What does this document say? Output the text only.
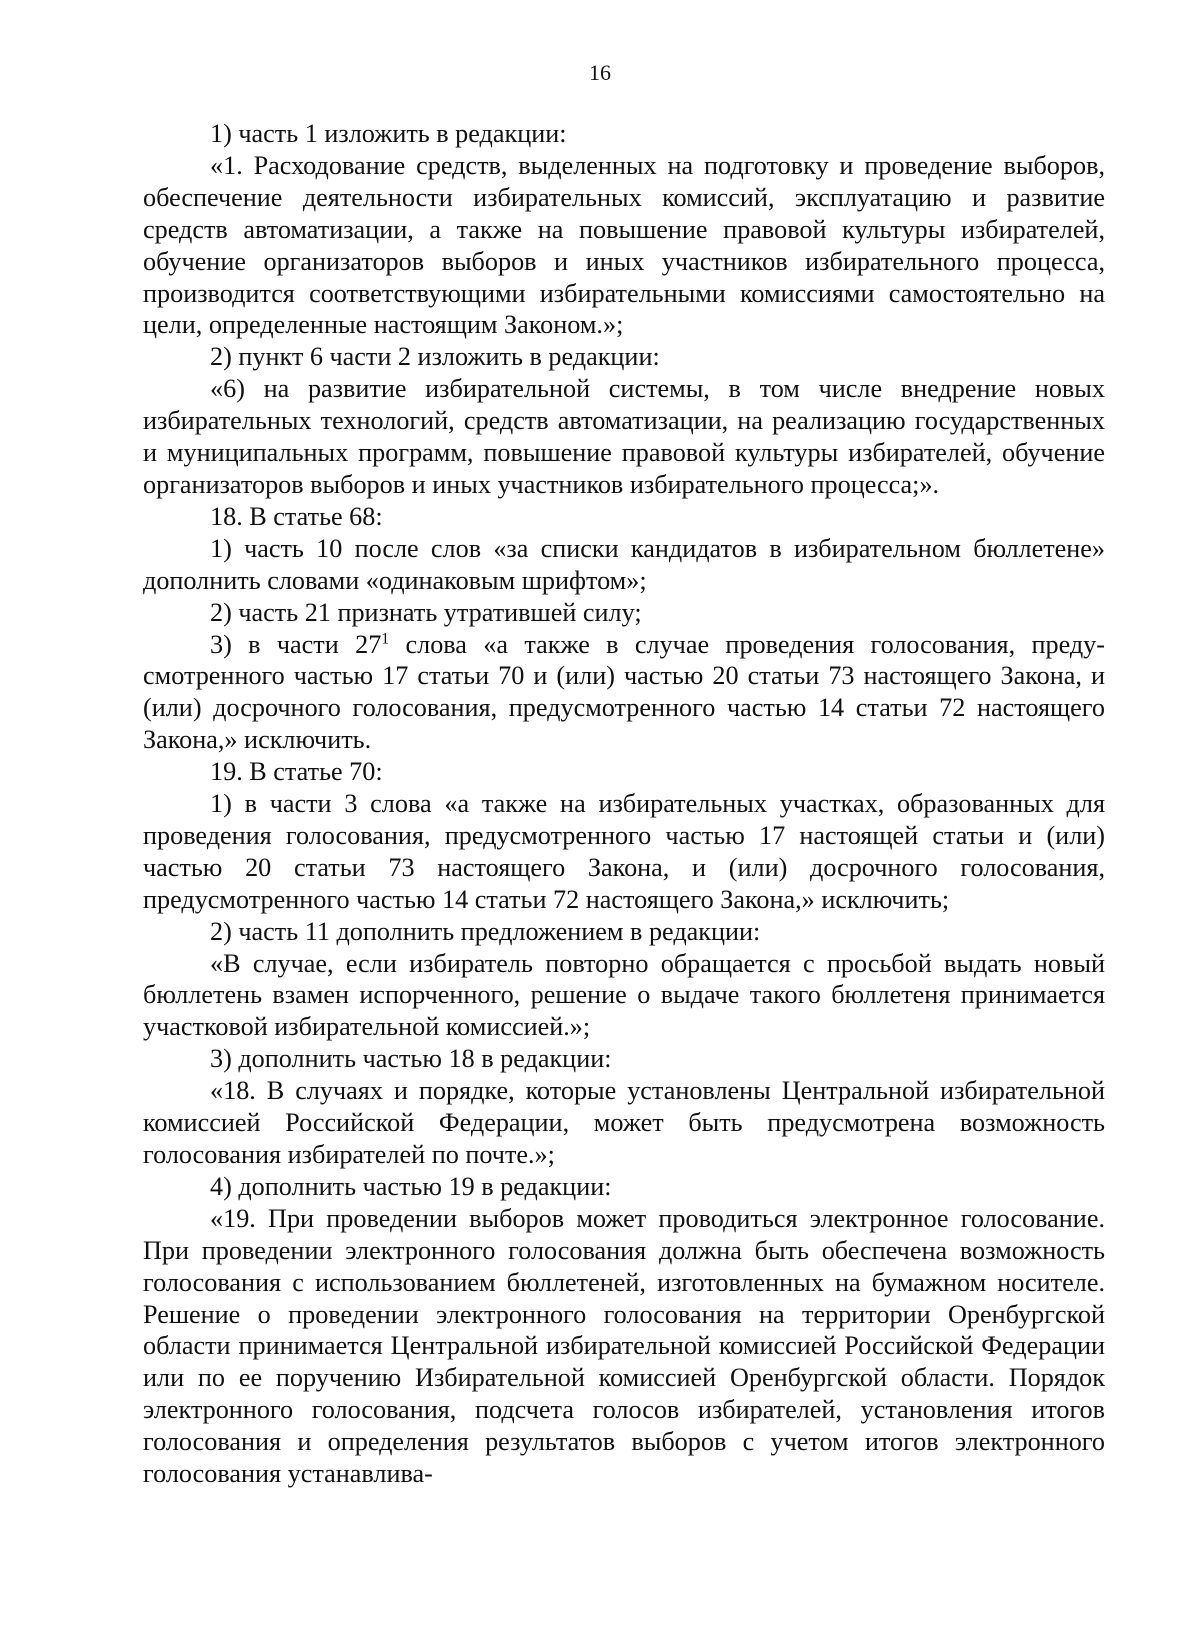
16

1) часть 1 изложить в редакции:

«1. Расходование средств, выделенных на подготовку и проведение выборов, обеспечение деятельности избирательных комиссий, эксплуатацию и развитие средств автоматизации, а также на повышение правовой культуры избирателей, обучение организаторов выборов и иных участников избирательного процесса, производится соответствующими избирательными комиссиями самостоятельно на цели, определенные настоящим Законом.»;

2) пункт 6 части 2 изложить в редакции:

«6) на развитие избирательной системы, в том числе внедрение новых избирательных технологий, средств автоматизации, на реализацию государственных и муниципальных программ, повышение правовой культуры избирателей, обучение организаторов выборов и иных участников избирательного процесса;».

18. В статье 68:

1) часть 10 после слов «за списки кандидатов в избирательном бюллетене» дополнить словами «одинаковым шрифтом»;

2) часть 21 признать утратившей силу;

3) в части $27^1$ слова «а также в случае проведения голосования, предусмотренного частью 17 статьи 70 и (или) частью 20 статьи 73 настоящего Закона, и (или) досрочного голосования, предусмотренного частью 14 статьи 72 настоящего Закона,» исключить.

19. В статье 70:

1) в части 3 слова «а также на избирательных участках, образованных для проведения голосования, предусмотренного частью 17 настоящей статьи и (или) частью 20 статьи 73 настоящего Закона, и (или) досрочного голосования, предусмотренного частью 14 статьи 72 настоящего Закона,» исключить;

2) часть 11 дополнить предложением в редакции:

«В случае, если избиратель повторно обращается с просьбой выдать новый бюллетень взамен испорченного, решение о выдаче такого бюллетеня принимается участковой избирательной комиссией.»;

3) дополнить частью 18 в редакции:

«18. В случаях и порядке, которые установлены Центральной избирательной комиссией Российской Федерации, может быть предусмотрена возможность голосования избирателей по почте.»;

4) дополнить частью 19 в редакции:

«19. При проведении выборов может проводиться электронное голосование. При проведении электронного голосования должна быть обеспечена возможность голосования с использованием бюллетеней, изготовленных на бумажном носителе. Решение о проведении электронного голосования на территории Оренбургской области принимается Центральной избирательной комиссией Российской Федерации или по ее поручению Избирательной комиссией Оренбургской области. Порядок электронного голосования, подсчета голосов избирателей, установления итогов голосования и определения результатов выборов с учетом итогов электронного голосования устанавлива-
